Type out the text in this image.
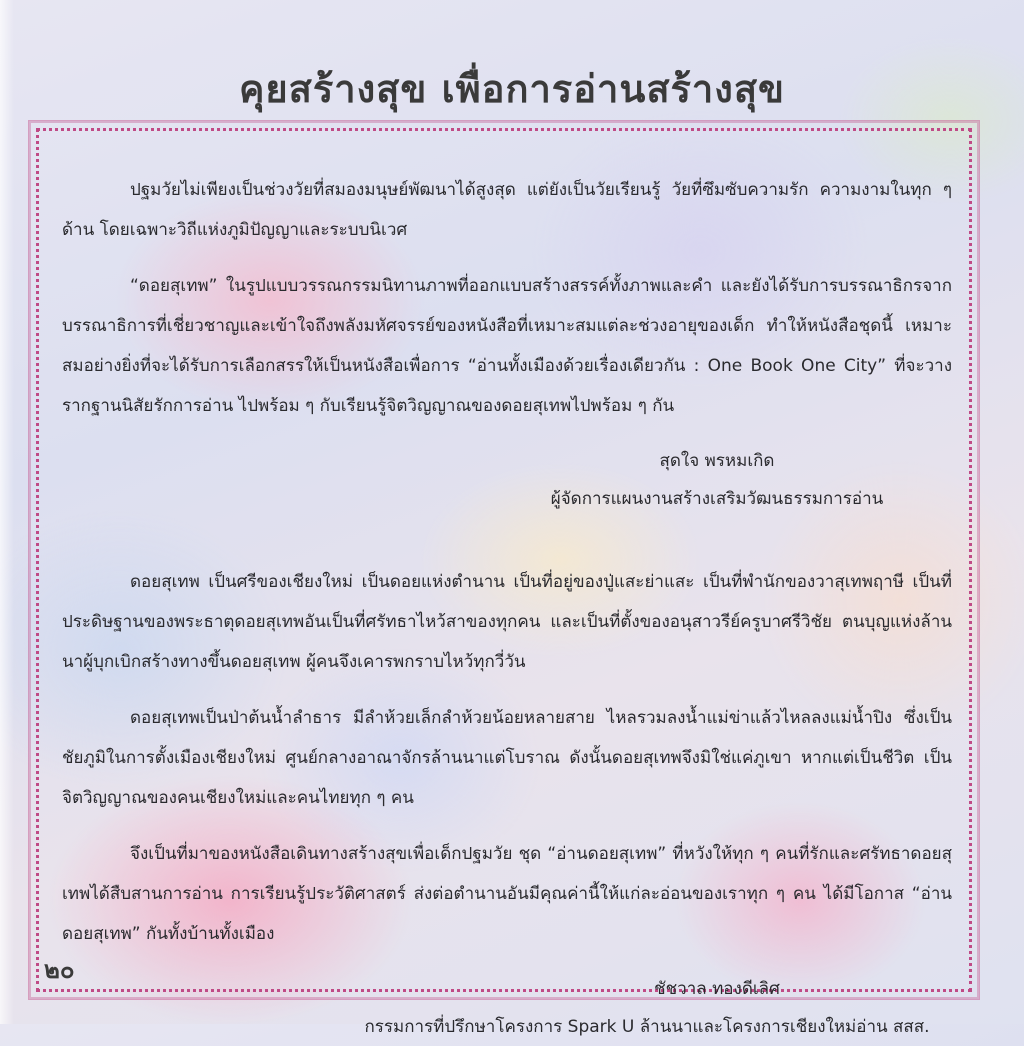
คุยสร้างสุข เพื่อการอ่านสร้างสุข

ปฐมวัยไม่เพียงเป็นช่วงวัยที่สมองมนุษย์พัฒนาได้สูงสุด แต่ยังเป็นวัยเรียนรู้ วัยที่ซึมซับความรัก ความงามในทุก ๆ ด้าน โดยเฉพาะวิถีแห่งภูมิปัญญาและระบบนิเวศ

“ดอยสุเทพ” ในรูปแบบวรรณกรรมนิทานภาพที่ออกแบบสร้างสรรค์ทั้งภาพและคำ และยังได้รับการบรรณาธิกรจากบรรณาธิการที่เชี่ยวชาญและเข้าใจถึงพลังมหัศจรรย์ของหนังสือที่เหมาะสมแต่ละช่วงอายุของเด็ก ทำให้หนังสือชุดนี้ เหมาะสมอย่างยิ่งที่จะได้รับการเลือกสรรให้เป็นหนังสือเพื่อการ “อ่านทั้งเมืองด้วยเรื่องเดียวกัน : One Book One City” ที่จะวางรากฐานนิสัยรักการอ่าน ไปพร้อม ๆ กับเรียนรู้จิตวิญญาณของดอยสุเทพไปพร้อม ๆ กัน

สุดใจ พรหมเกิด

ผู้จัดการแผนงานสร้างเสริมวัฒนธรรมการอ่าน

ดอยสุเทพ เป็นศรีของเชียงใหม่ เป็นดอยแห่งตำนาน เป็นที่อยู่ของปู่แสะย่าแสะ เป็นที่พำนักของวาสุเทพฤาษี เป็นที่ประดิษฐานของพระธาตุดอยสุเทพอันเป็นที่ศรัทธาไหว้สาของทุกคน และเป็นที่ตั้งของอนุสาวรีย์ครูบาศรีวิชัย ตนบุญแห่งล้านนาผู้บุกเบิกสร้างทางขึ้นดอยสุเทพ ผู้คนจึงเคารพกราบไหว้ทุกวี่วัน

ดอยสุเทพเป็นป่าต้นน้ำลำธาร มีลำห้วยเล็กลำห้วยน้อยหลายสาย ไหลรวมลงน้ำแม่ข่าแล้วไหลลงแม่น้ำปิง ซึ่งเป็นชัยภูมิในการตั้งเมืองเชียงใหม่ ศูนย์กลางอาณาจักรล้านนาแต่โบราณ ดังนั้นดอยสุเทพจึงมิใช่แค่ภูเขา หากแต่เป็นชีวิต เป็นจิตวิญญาณของคนเชียงใหม่และคนไทยทุก ๆ คน

จึงเป็นที่มาของหนังสือเดินทางสร้างสุขเพื่อเด็กปฐมวัย ชุด “อ่านดอยสุเทพ” ที่หวังให้ทุก ๆ คนที่รักและศรัทธาดอยสุเทพได้สืบสานการอ่าน การเรียนรู้ประวัติศาสตร์ ส่งต่อตำนานอันมีคุณค่านี้ให้แก่ละอ่อนของเราทุก ๆ คน ได้มีโอกาส “อ่านดอยสุเทพ” กันทั้งบ้านทั้งเมือง

ชัชวาล ทองดีเลิศ

กรรมการที่ปรึกษาโครงการ Spark U ล้านนาและโครงการเชียงใหม่อ่าน สสส.

๒๐
